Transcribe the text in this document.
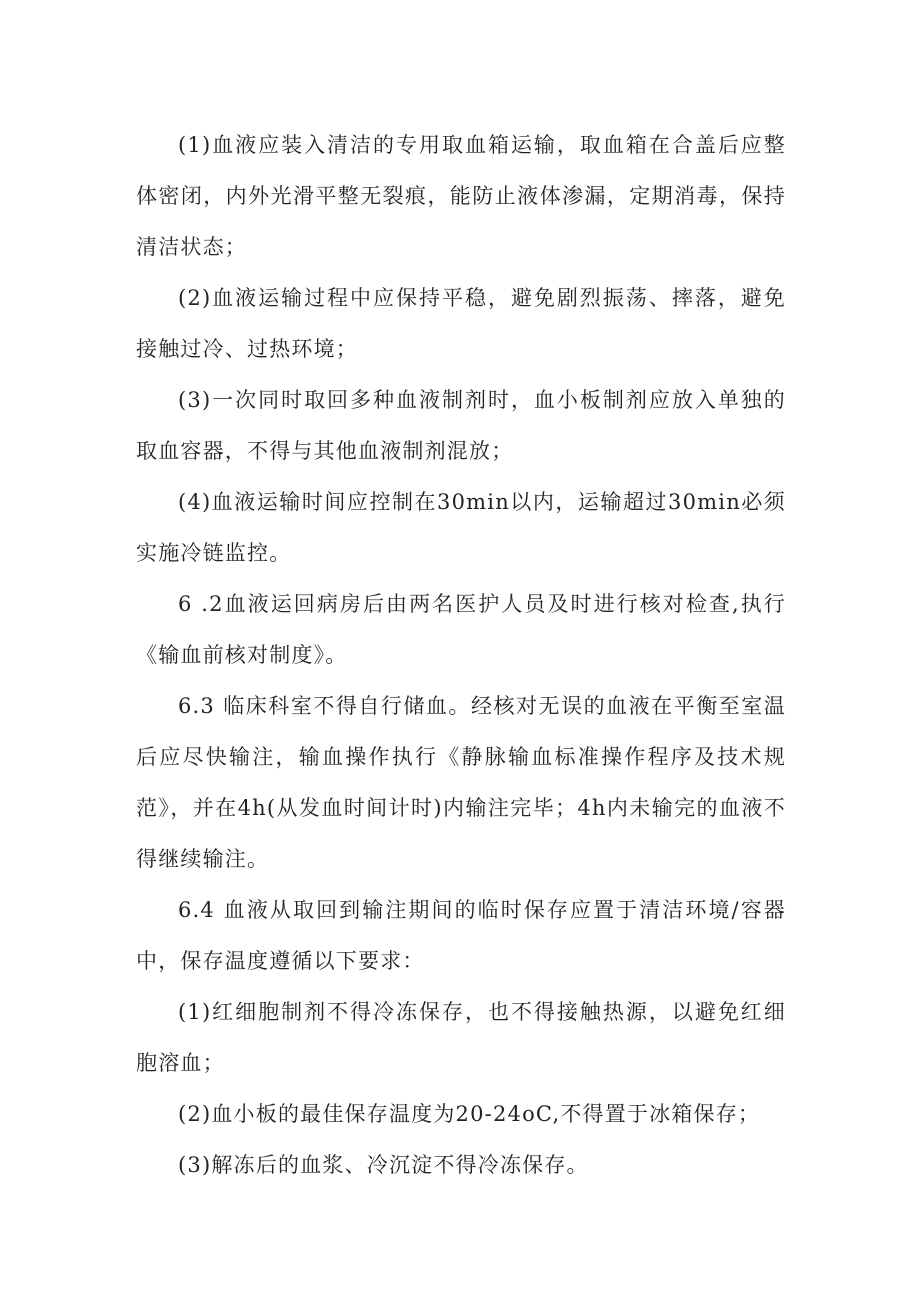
(1)血液应装入清洁的专用取血箱运输，取血箱在合盖后应整体密闭，内外光滑平整无裂痕，能防止液体渗漏，定期消毒，保持清洁状态；

(2)血液运输过程中应保持平稳，避免剧烈振荡、摔落，避免接触过冷、过热环境；

(3)一次同时取回多种血液制剂时，血小板制剂应放入单独的取血容器，不得与其他血液制剂混放；

(4)血液运输时间应控制在30min以内，运输超过30min必须实施冷链监控。

6 .2血液运回病房后由两名医护人员及时进行核对检查,执行《输血前核对制度》。

6.3 临床科室不得自行储血。经核对无误的血液在平衡至室温后应尽快输注，输血操作执行《静脉输血标准操作程序及技术规范》，并在4h(从发血时间计时)内输注完毕；4h内未输完的血液不得继续输注。

6.4 血液从取回到输注期间的临时保存应置于清洁环境/容器中，保存温度遵循以下要求：

(1)红细胞制剂不得冷冻保存，也不得接触热源，以避免红细胞溶血；

(2)血小板的最佳保存温度为20-24oC,不得置于冰箱保存；

(3)解冻后的血浆、冷沉淀不得冷冻保存。
